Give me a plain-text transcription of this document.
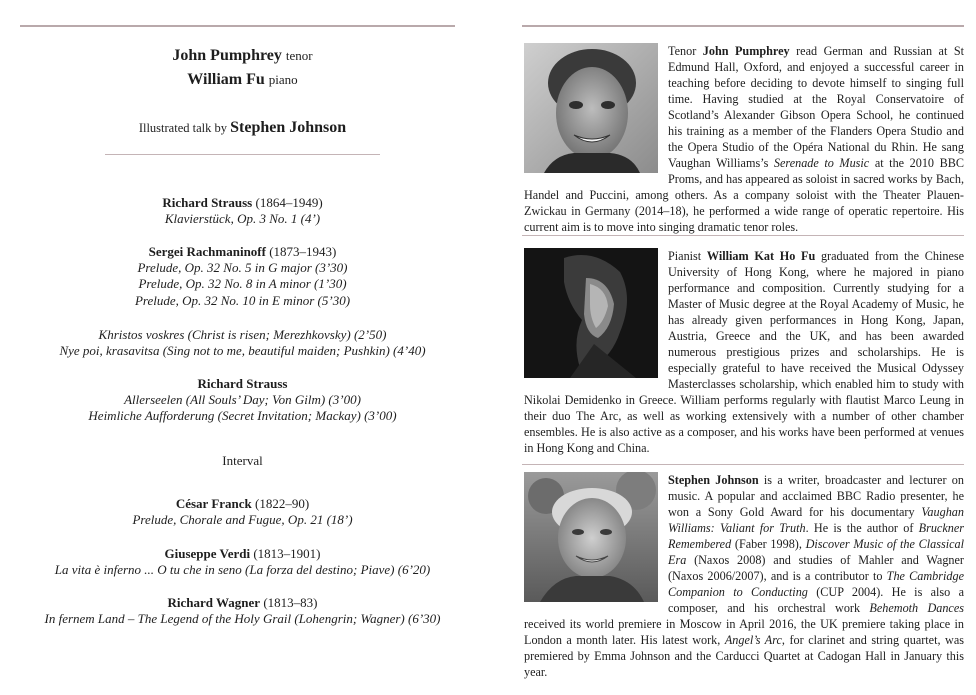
John Pumphrey tenor
William Fu piano
Illustrated talk by Stephen Johnson
Richard Strauss (1864–1949)
Klavierstück, Op. 3 No. 1 (4’)
Sergei Rachmaninoff (1873–1943)
Prelude, Op. 32 No. 5 in G major (3’30)
Prelude, Op. 32 No. 8 in A minor (1’30)
Prelude, Op. 32 No. 10 in E minor (5’30)
Khristos voskres (Christ is risen; Merezhkovsky) (2’50)
Nye poi, krasavitsa (Sing not to me, beautiful maiden; Pushkin) (4’40)
Richard Strauss
Allerseelen (All Souls’ Day; Von Gilm) (3’00)
Heimliche Aufforderung (Secret Invitation; Mackay) (3’00)
Interval
César Franck (1822–90)
Prelude, Chorale and Fugue, Op. 21 (18’)
Giuseppe Verdi (1813–1901)
La vita è inferno ... O tu che in seno (La forza del destino; Piave) (6’20)
Richard Wagner (1813–83)
In fernem Land – The Legend of the Holy Grail (Lohengrin; Wagner) (6’30)
Tenor John Pumphrey read German and Russian at St Edmund Hall, Oxford, and enjoyed a successful career in teaching before deciding to devote himself to singing full time. Having studied at the Royal Conservatoire of Scotland’s Alexander Gibson Opera School, he continued his training as a member of the Flanders Opera Studio and the Opera Studio of the Opéra National du Rhin. He sang Vaughan Williams’s Serenade to Music at the 2010 BBC Proms, and has appeared as soloist in sacred works by Bach, Handel and Puccini, among others. As a company soloist with the Theater Plauen-Zwickau in Germany (2014–18), he performed a wide range of operatic repertoire. His current aim is to move into singing dramatic tenor roles.
Pianist William Kat Ho Fu graduated from the Chinese University of Hong Kong, where he majored in piano performance and composition. Currently studying for a Master of Music degree at the Royal Academy of Music, he has already given performances in Hong Kong, Japan, Austria, Greece and the UK, and has been awarded numerous prestigious prizes and scholarships. He is especially grateful to have received the Musical Odyssey Masterclasses scholarship, which enabled him to study with Nikolai Demidenko in Greece. William performs regularly with flautist Marco Leung in their duo The Arc, as well as working extensively with a number of other chamber ensembles. He is also active as a composer, and his works have been performed at venues in Hong Kong and China.
Stephen Johnson is a writer, broadcaster and lecturer on music. A popular and acclaimed BBC Radio presenter, he won a Sony Gold Award for his documentary Vaughan Williams: Valiant for Truth. He is the author of Bruckner Remembered (Faber 1998), Discover Music of the Classical Era (Naxos 2008) and studies of Mahler and Wagner (Naxos 2006/2007), and is a contributor to The Cambridge Companion to Conducting (CUP 2004). He is also a composer, and his orchestral work Behemoth Dances received its world premiere in Moscow in April 2016, the UK premiere taking place in London a month later. His latest work, Angel’s Arc, for clarinet and string quartet, was premiered by Emma Johnson and the Carducci Quartet at Cadogan Hall in January this year.
